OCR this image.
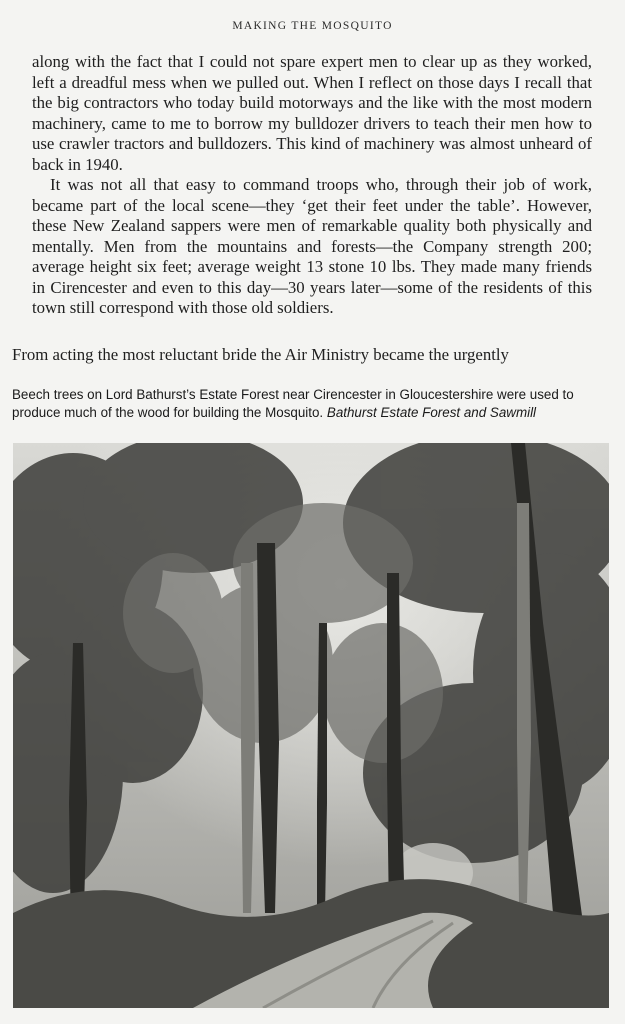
MAKING THE MOSQUITO

along with the fact that I could not spare expert men to clear up as they worked, left a dreadful mess when we pulled out. When I reflect on those days I recall that the big contractors who today build motorways and the like with the most modern machinery, came to me to borrow my bulldozer drivers to teach their men how to use crawler tractors and bulldozers. This kind of machinery was almost unheard of back in 1940.

It was not all that easy to command troops who, through their job of work, became part of the local scene—they ‘get their feet under the table’. However, these New Zealand sappers were men of remarkable quality both physically and mentally. Men from the mountains and forests—the Company strength 200; average height six feet; average weight 13 stone 10 lbs. They made many friends in Cirencester and even to this day—30 years later—some of the residents of this town still correspond with those old soldiers.

From acting the most reluctant bride the Air Ministry became the urgently
Beech trees on Lord Bathurst’s Estate Forest near Cirencester in Gloucestershire were used to produce much of the wood for building the Mosquito. Bathurst Estate Forest and Sawmill
